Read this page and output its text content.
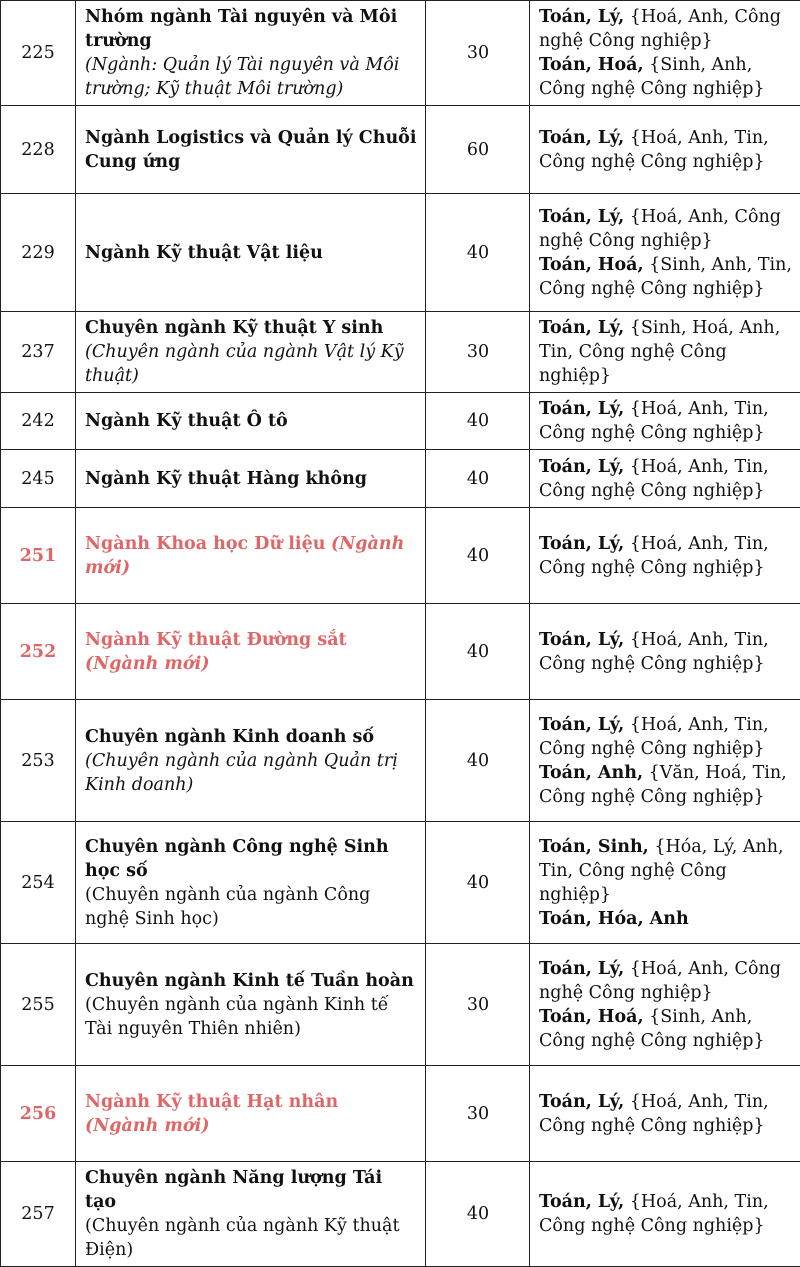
225	Nhóm ngành Tài nguyên và Môi trường
(Ngành: Quản lý Tài nguyên và Môi trường; Kỹ thuật Môi trường)	30	Toán, Lý, {Hoá, Anh, Công nghệ Công nghiệp}
Toán, Hoá, {Sinh, Anh, Công nghệ Công nghiệp}

228	Ngành Logistics và Quản lý Chuỗi Cung ứng	60	Toán, Lý, {Hoá, Anh, Tin, Công nghệ Công nghiệp}

229	Ngành Kỹ thuật Vật liệu	40	Toán, Lý, {Hoá, Anh, Công nghệ Công nghiệp}
Toán, Hoá, {Sinh, Anh, Tin, Công nghệ Công nghiệp}

237	Chuyên ngành Kỹ thuật Y sinh
(Chuyên ngành của ngành Vật lý Kỹ thuật)	30	Toán, Lý, {Sinh, Hoá, Anh, Tin, Công nghệ Công nghiệp}

242	Ngành Kỹ thuật Ô tô	40	Toán, Lý, {Hoá, Anh, Tin, Công nghệ Công nghiệp}

245	Ngành Kỹ thuật Hàng không	40	Toán, Lý, {Hoá, Anh, Tin, Công nghệ Công nghiệp}

251	Ngành Khoa học Dữ liệu (Ngành mới)	40	Toán, Lý, {Hoá, Anh, Tin, Công nghệ Công nghiệp}

252	Ngành Kỹ thuật Đường sắt (Ngành mới)	40	Toán, Lý, {Hoá, Anh, Tin, Công nghệ Công nghiệp}

253	Chuyên ngành Kinh doanh số
(Chuyên ngành của ngành Quản trị Kinh doanh)	40	Toán, Lý, {Hoá, Anh, Tin, Công nghệ Công nghiệp}
Toán, Anh, {Văn, Hoá, Tin, Công nghệ Công nghiệp}

254	Chuyên ngành Công nghệ Sinh học số
(Chuyên ngành của ngành Công nghệ Sinh học)	40	Toán, Sinh, {Hóa, Lý, Anh, Tin, Công nghệ Công nghiệp}
Toán, Hóa, Anh

255	Chuyên ngành Kinh tế Tuần hoàn
(Chuyên ngành của ngành Kinh tế Tài nguyên Thiên nhiên)	30	Toán, Lý, {Hoá, Anh, Công nghệ Công nghiệp}
Toán, Hoá, {Sinh, Anh, Công nghệ Công nghiệp}

256	Ngành Kỹ thuật Hạt nhân (Ngành mới)	30	Toán, Lý, {Hoá, Anh, Tin, Công nghệ Công nghiệp}

257	Chuyên ngành Năng lượng Tái tạo
(Chuyên ngành của ngành Kỹ thuật Điện)	40	Toán, Lý, {Hoá, Anh, Tin, Công nghệ Công nghiệp}
